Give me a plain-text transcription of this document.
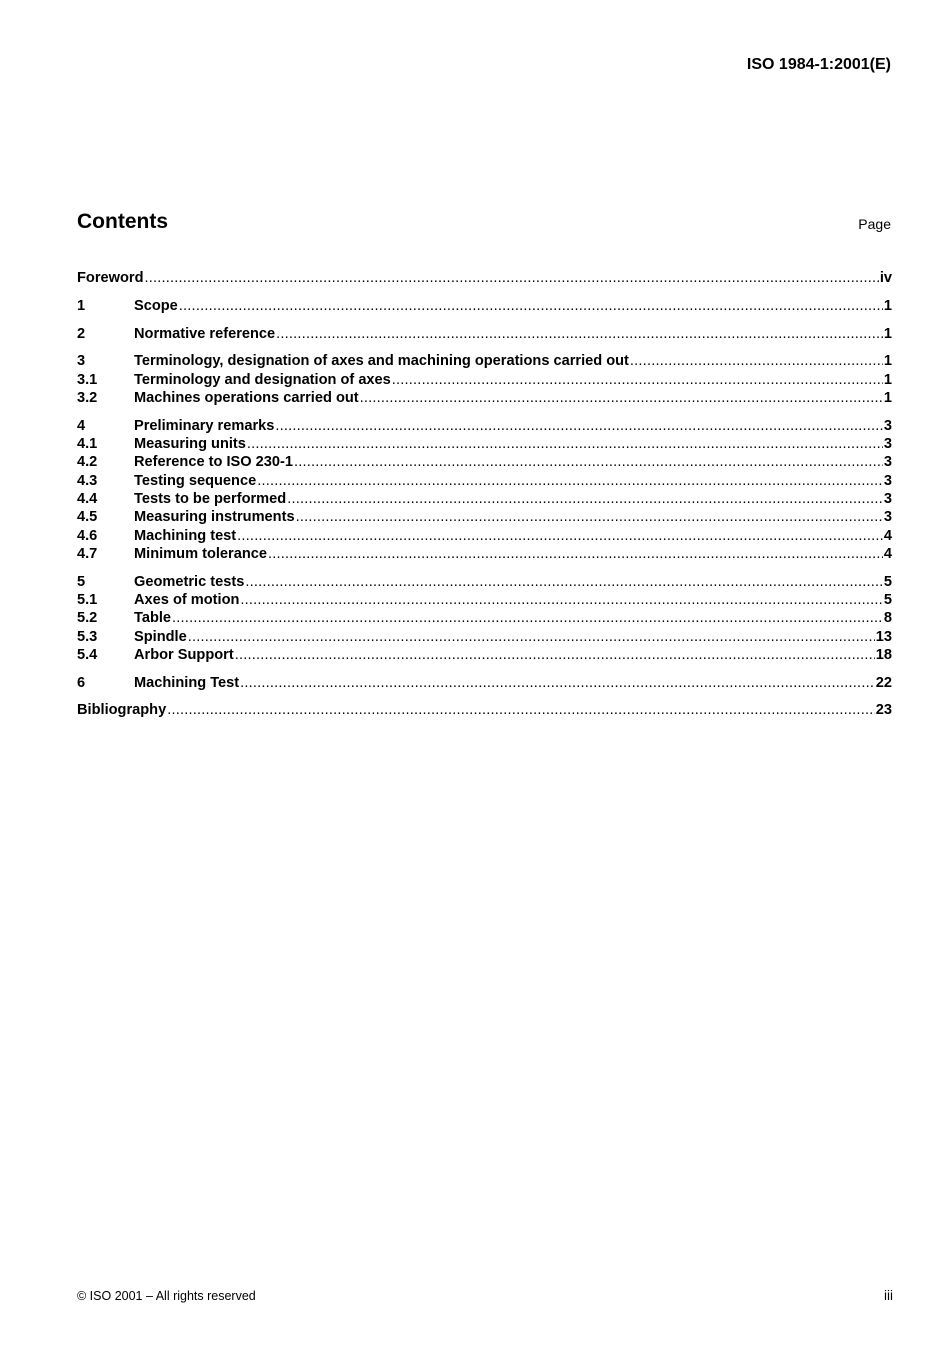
ISO 1984-1:2001(E)
Contents	Page
Foreword .....	iv
1	Scope .....	1
2	Normative reference .....	1
3	Terminology, designation of axes and machining operations carried out .....	1
3.1	Terminology and designation of axes .....	1
3.2	Machines operations carried out .....	1
4	Preliminary remarks .....	3
4.1	Measuring units .....	3
4.2	Reference to ISO 230-1 .....	3
4.3	Testing sequence .....	3
4.4	Tests to be performed .....	3
4.5	Measuring instruments .....	3
4.6	Machining test .....	4
4.7	Minimum tolerance .....	4
5	Geometric tests .....	5
5.1	Axes of motion .....	5
5.2	Table .....	8
5.3	Spindle .....	13
5.4	Arbor Support .....	18
6	Machining Test .....	22
Bibliography .....	23
© ISO 2001 – All rights reserved	iii
